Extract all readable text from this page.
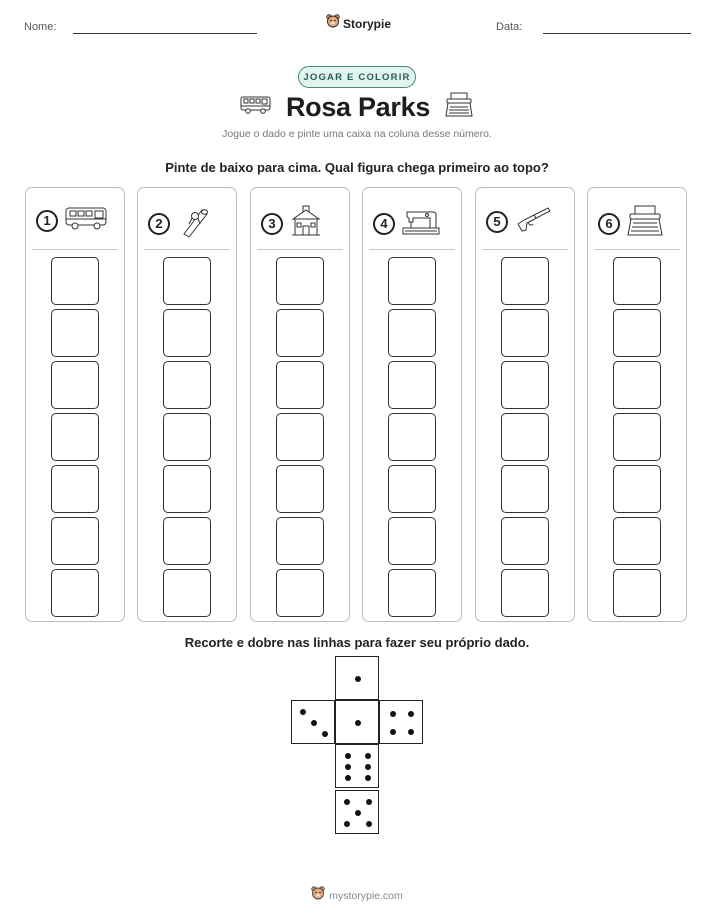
Nome:	Storypie	Data:
JOGAR E COLORIR
Rosa Parks
Jogue o dado e pinte uma caixa na coluna desse número.
Pinte de baixo para cima. Qual figura chega primeiro ao topo?
1	2	3	4	5	6
Recorte e dobre nas linhas para fazer seu próprio dado.
mystorypie.com
